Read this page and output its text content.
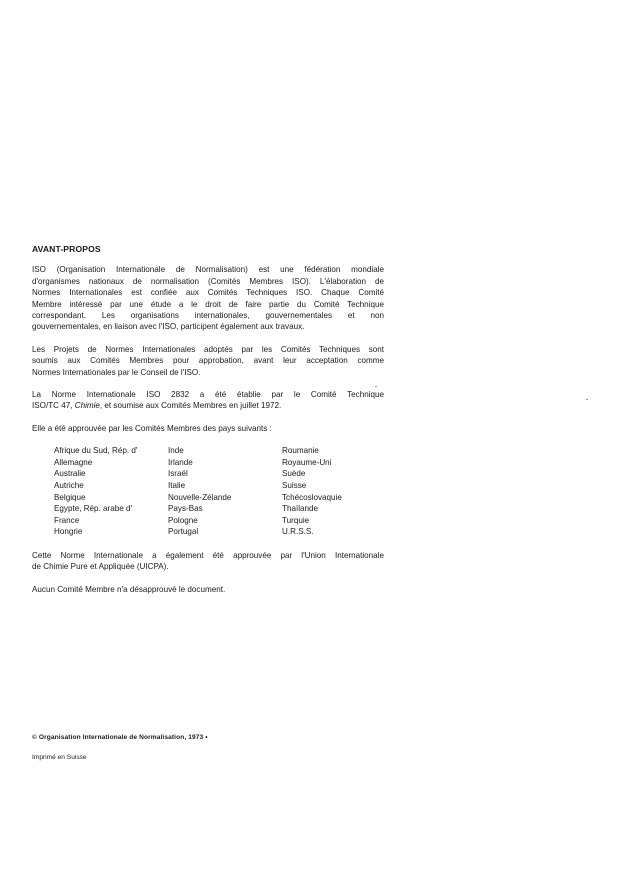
AVANT-PROPOS
ISO (Organisation Internationale de Normalisation) est une fédération mondiale
d'organismes nationaux de normalisation (Comités Membres ISO). L'élaboration de
Normes Internationales est confiée aux Comités Techniques ISO. Chaque Comité
Membre intéressé par une étude a le droit de faire partie du Comité Technique
correspondant. Les organisations internationales, gouvernementales et non
gouvernementales, en liaison avec l'ISO, participent également aux travaux.
Les Projets de Normes Internationales adoptés par les Comités Techniques sont
soumis aux Comités Membres pour approbation, avant leur acceptation comme
Normes Internationales par le Conseil de l'ISO.
La Norme Internationale ISO 2832 a été établie par le Comité Technique
ISO/TC 47, Chimie, et soumise aux Comités Membres en juillet 1972.
Elle a été approuvée par les Comités Membres des pays suivants :
Afrique du Sud, Rép. d'
Allemagne
Australie
Autriche
Belgique
Egypte, Rép. arabe d'
France
Hongrie
Inde
Irlande
Israël
Italie
Nouvelle-Zélande
Pays-Bas
Pologne
Portugal
Roumanie
Royaume-Uni
Suède
Suisse
Tchécoslovaquie
Thaïlande
Turquie
U.R.S.S.
Cette Norme Internationale a également été approuvée par l'Union Internationale
de Chimie Pure et Appliquée (UICPA).
Aucun Comité Membre n'a désapprouvé le document.
© Organisation Internationale de Normalisation, 1973 •
Imprimé en Suisse
